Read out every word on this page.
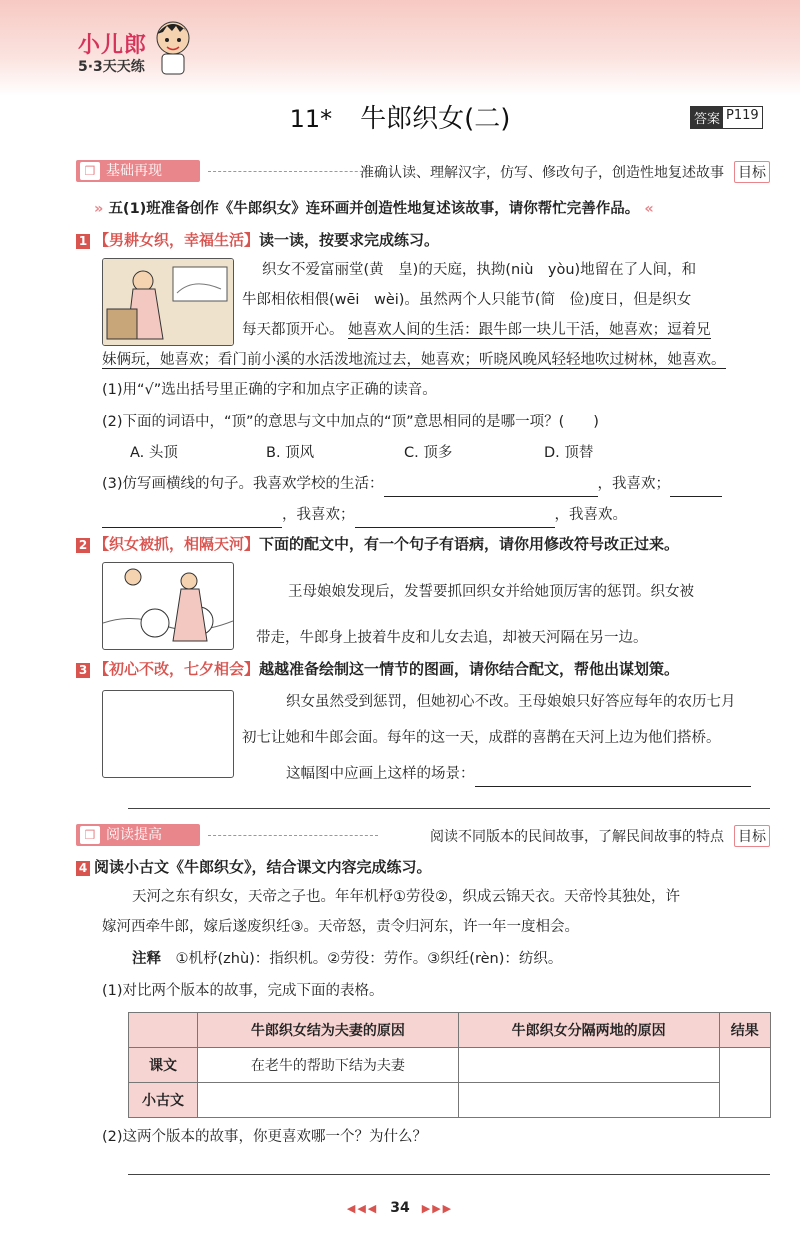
小儿郎
5·3天天练
11* 牛郎织女(二)	答案 P119
❒ 基础再现	准确认读、理解汉字，仿写、修改句子，创造性地复述故事 目标
» 五(1)班准备创作《牛郎织女》连环画并创造性地复述该故事，请你帮忙完善作品。 «
1 【男耕女织，幸福生活】读一读，按要求完成练习。
织女不爱富丽堂(黄　皇)的天庭，执拗(niù　yòu)地留在了人间，和
牛郎相依相偎(wēi　wèi)。虽然两个人只能节(简　俭)度日，但是织女
每天都顶开心。 她喜欢人间的生活：跟牛郎一块儿干活，她喜欢；逗着兄
妹俩玩，她喜欢；看门前小溪的水活泼地流过去，她喜欢；听晓风晚风轻轻地吹过树林，她喜欢。
(1)用“√”选出括号里正确的字和加点字正确的读音。
(2)下面的词语中，“顶”的意思与文中加点的“顶”意思相同的是哪一项？(　　)
A. 头顶	B. 顶风	C. 顶多	D. 顶替
(3)仿写画横线的句子。我喜欢学校的生活：	，我喜欢；
，我喜欢；	，我喜欢。
2 【织女被抓，相隔天河】下面的配文中，有一个句子有语病，请你用修改符号改正过来。
王母娘娘发现后，发誓要抓回织女并给她顶厉害的惩罚。织女被
带走，牛郎身上披着牛皮和儿女去追，却被天河隔在另一边。
3 【初心不改，七夕相会】越越准备绘制这一情节的图画，请你结合配文，帮他出谋划策。
织女虽然受到惩罚，但她初心不改。王母娘娘只好答应每年的农历七月
初七让她和牛郎会面。每年的这一天，成群的喜鹊在天河上边为他们搭桥。
这幅图中应画上这样的场景：
❒ 阅读提高	阅读不同版本的民间故事，了解民间故事的特点 目标
4 阅读小古文《牛郎织女》，结合课文内容完成练习。
天河之东有织女，天帝之子也。年年机杼①劳役②，织成云锦天衣。天帝怜其独处，许
嫁河西牵牛郎，嫁后遂废织纴③。天帝怒，责令归河东，许一年一度相会。
注释　 ①机杼(zhù)：指织机。②劳役：劳作。③织纴(rèn)：纺织。
(1)对比两个版本的故事，完成下面的表格。
	牛郎织女结为夫妻的原因	牛郎织女分隔两地的原因	结果
课文	在老牛的帮助下结为夫妻		
小古文			
(2)这两个版本的故事，你更喜欢哪一个？为什么？
◀◀◀ 34 ▶▶▶
